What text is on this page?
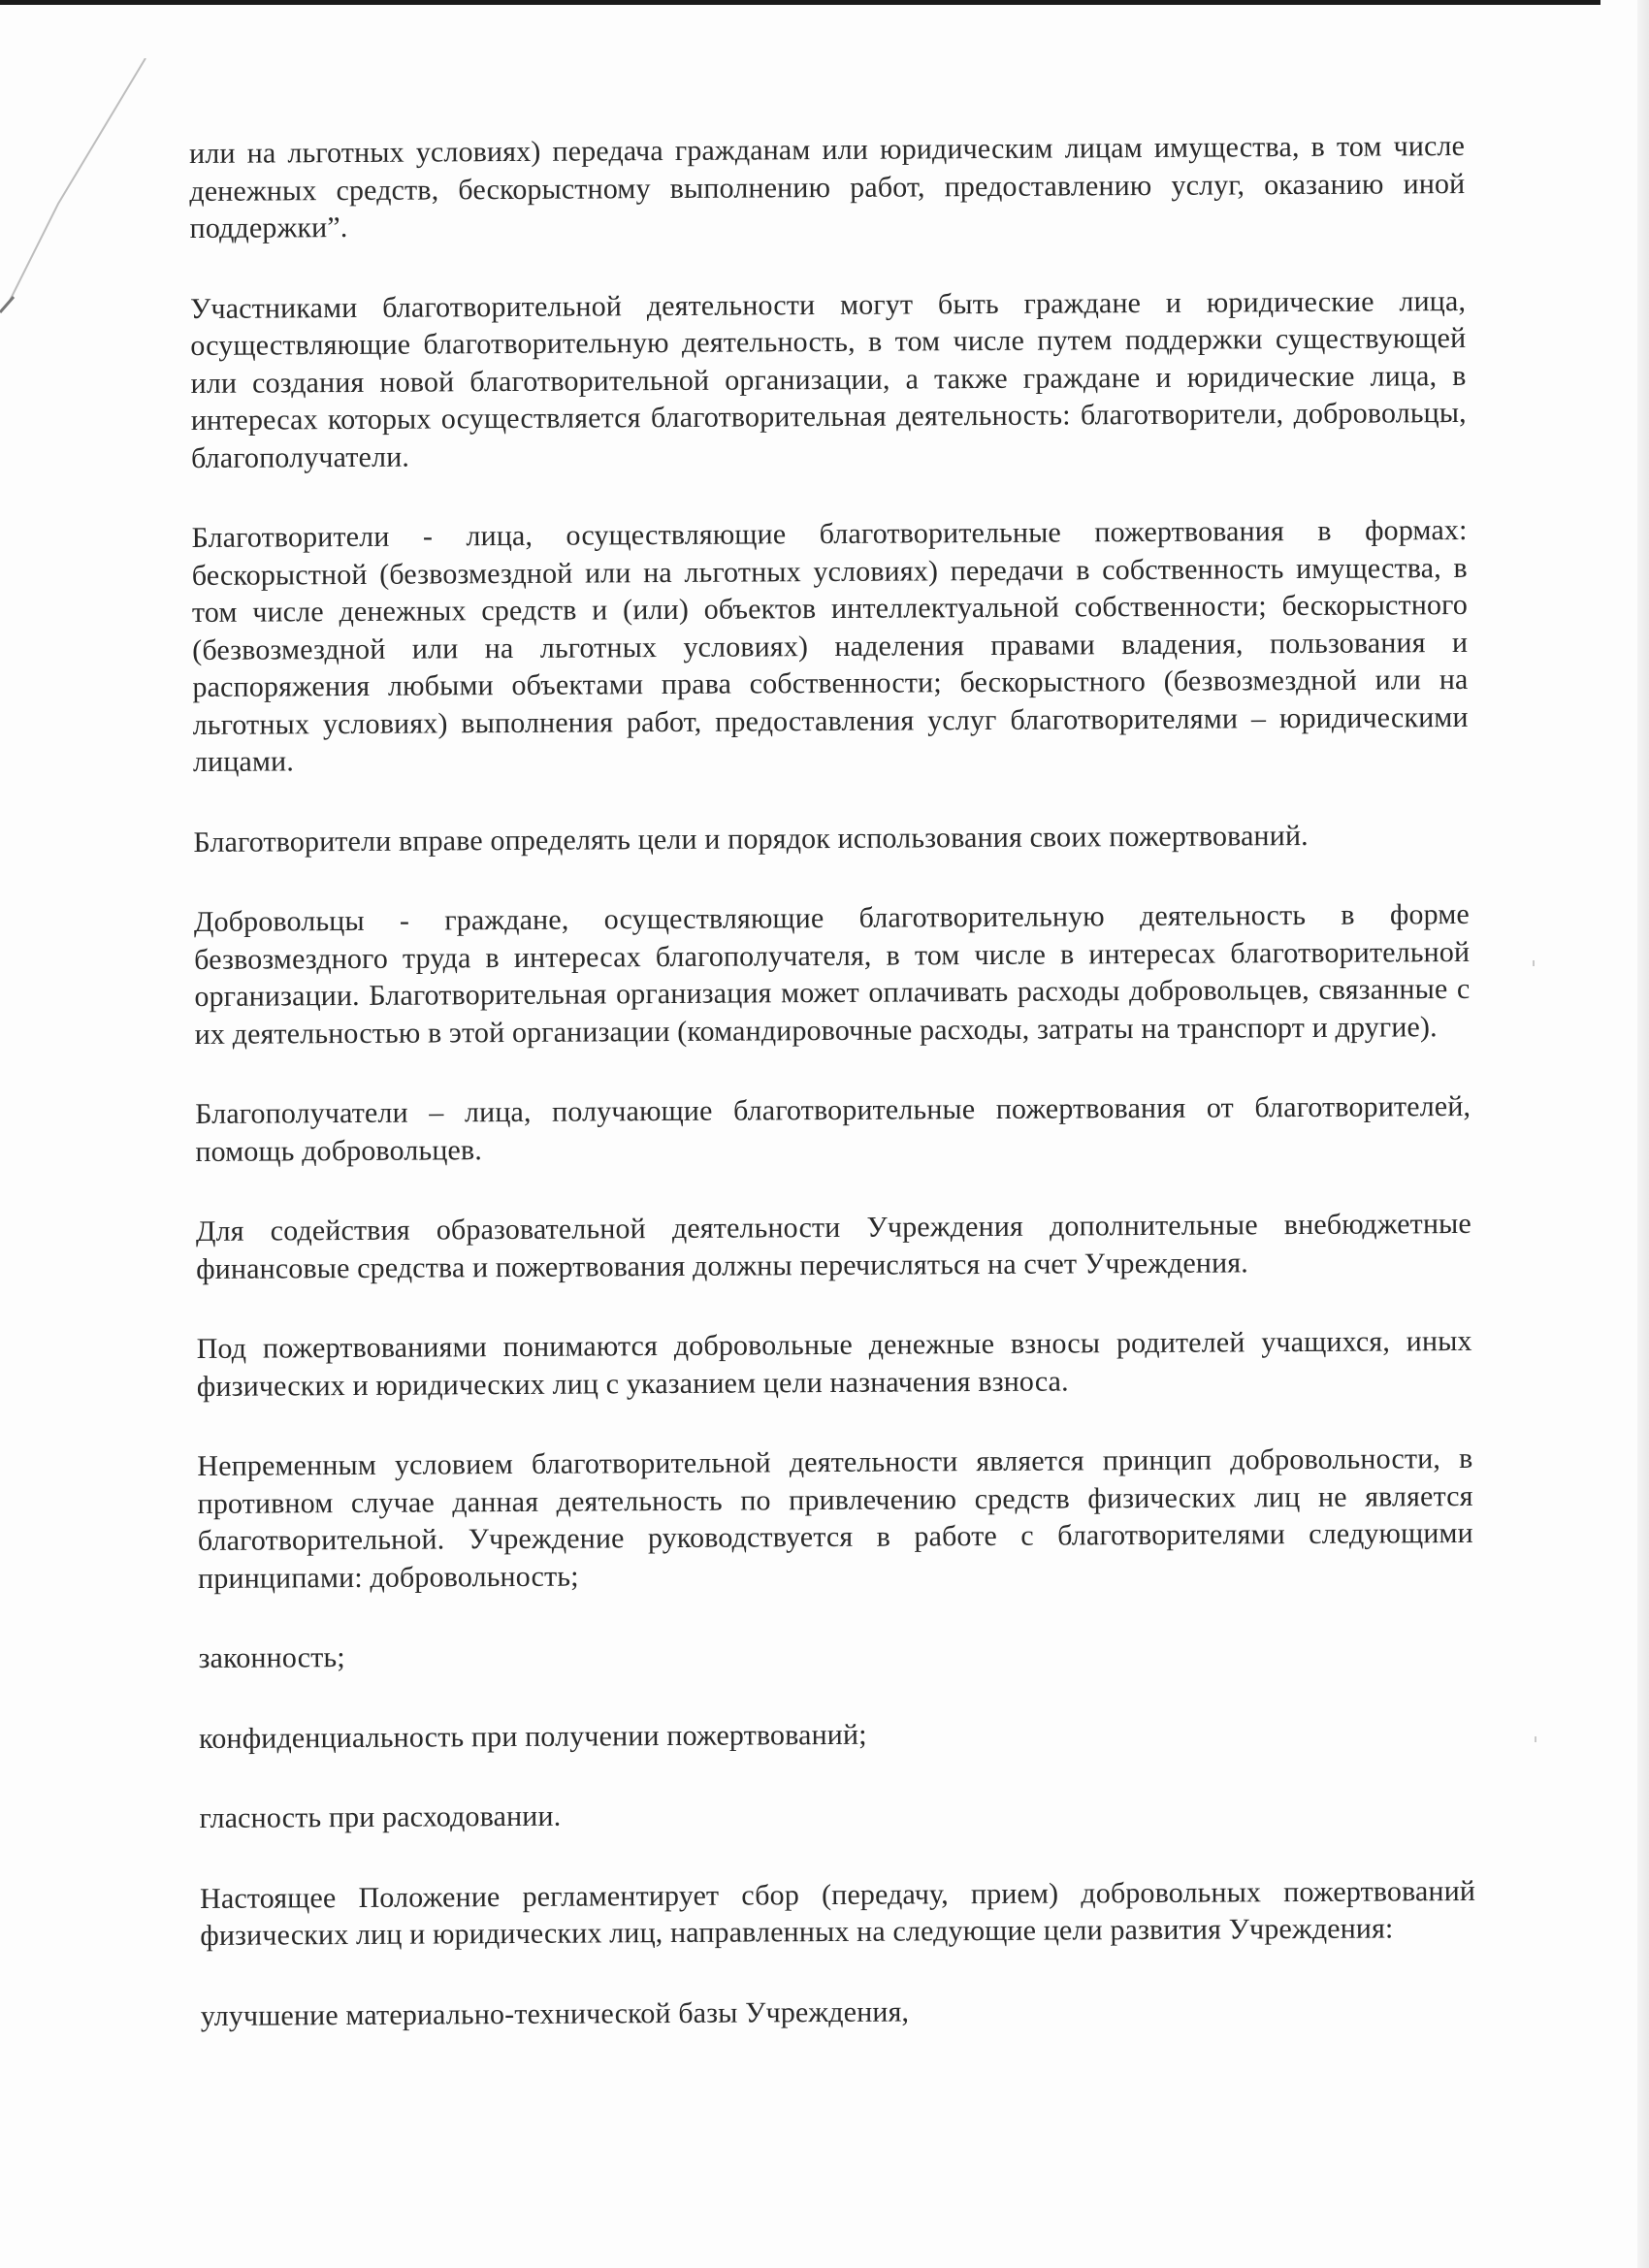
или на льготных условиях) передача гражданам или юридическим лицам имущества, в том числе денежных средств, бескорыстному выполнению работ, предоставлению услуг, оказанию иной поддержки”.

Участниками благотворительной деятельности могут быть граждане и юридические лица, осуществляющие благотворительную деятельность, в том числе путем поддержки существующей или создания новой благотворительной организации, а также граждане и юридические лица, в интересах которых осуществляется благотворительная деятельность: благотворители, добровольцы, благополучатели.

Благотворители - лица, осуществляющие благотворительные пожертвования в формах: бескорыстной (безвозмездной или на льготных условиях) передачи в собственность имущества, в том числе денежных средств и (или) объектов интеллектуальной собственности; бескорыстного (безвозмездной или на льготных условиях) наделения правами владения, пользования и распоряжения любыми объектами права собственности; бескорыстного (безвозмездной или на льготных условиях) выполнения работ, предоставления услуг благотворителями – юридическими лицами.

Благотворители вправе определять цели и порядок использования своих пожертвований.

Добровольцы - граждане, осуществляющие благотворительную деятельность в форме безвозмездного труда в интересах благополучателя, в том числе в интересах благотворительной организации. Благотворительная организация может оплачивать расходы добровольцев, связанные с их деятельностью в этой организации (командировочные расходы, затраты на транспорт и другие).

Благополучатели – лица, получающие благотворительные пожертвования от благотворителей, помощь добровольцев.

Для содействия образовательной деятельности Учреждения дополнительные внебюджетные финансовые средства и пожертвования должны перечисляться на счет Учреждения.

Под пожертвованиями понимаются добровольные денежные взносы родителей учащихся, иных физических и юридических лиц с указанием цели назначения взноса.

Непременным условием благотворительной деятельности является принцип добровольности, в противном случае данная деятельность по привлечению средств физических лиц не является благотворительной. Учреждение руководствуется в работе с благотворителями следующими принципами: добровольность;

законность;

конфиденциальность при получении пожертвований;

гласность при расходовании.

Настоящее Положение регламентирует сбор (передачу, прием) добровольных пожертвований физических лиц и юридических лиц, направленных на следующие цели развития Учреждения:

улучшение материально-технической базы Учреждения,
